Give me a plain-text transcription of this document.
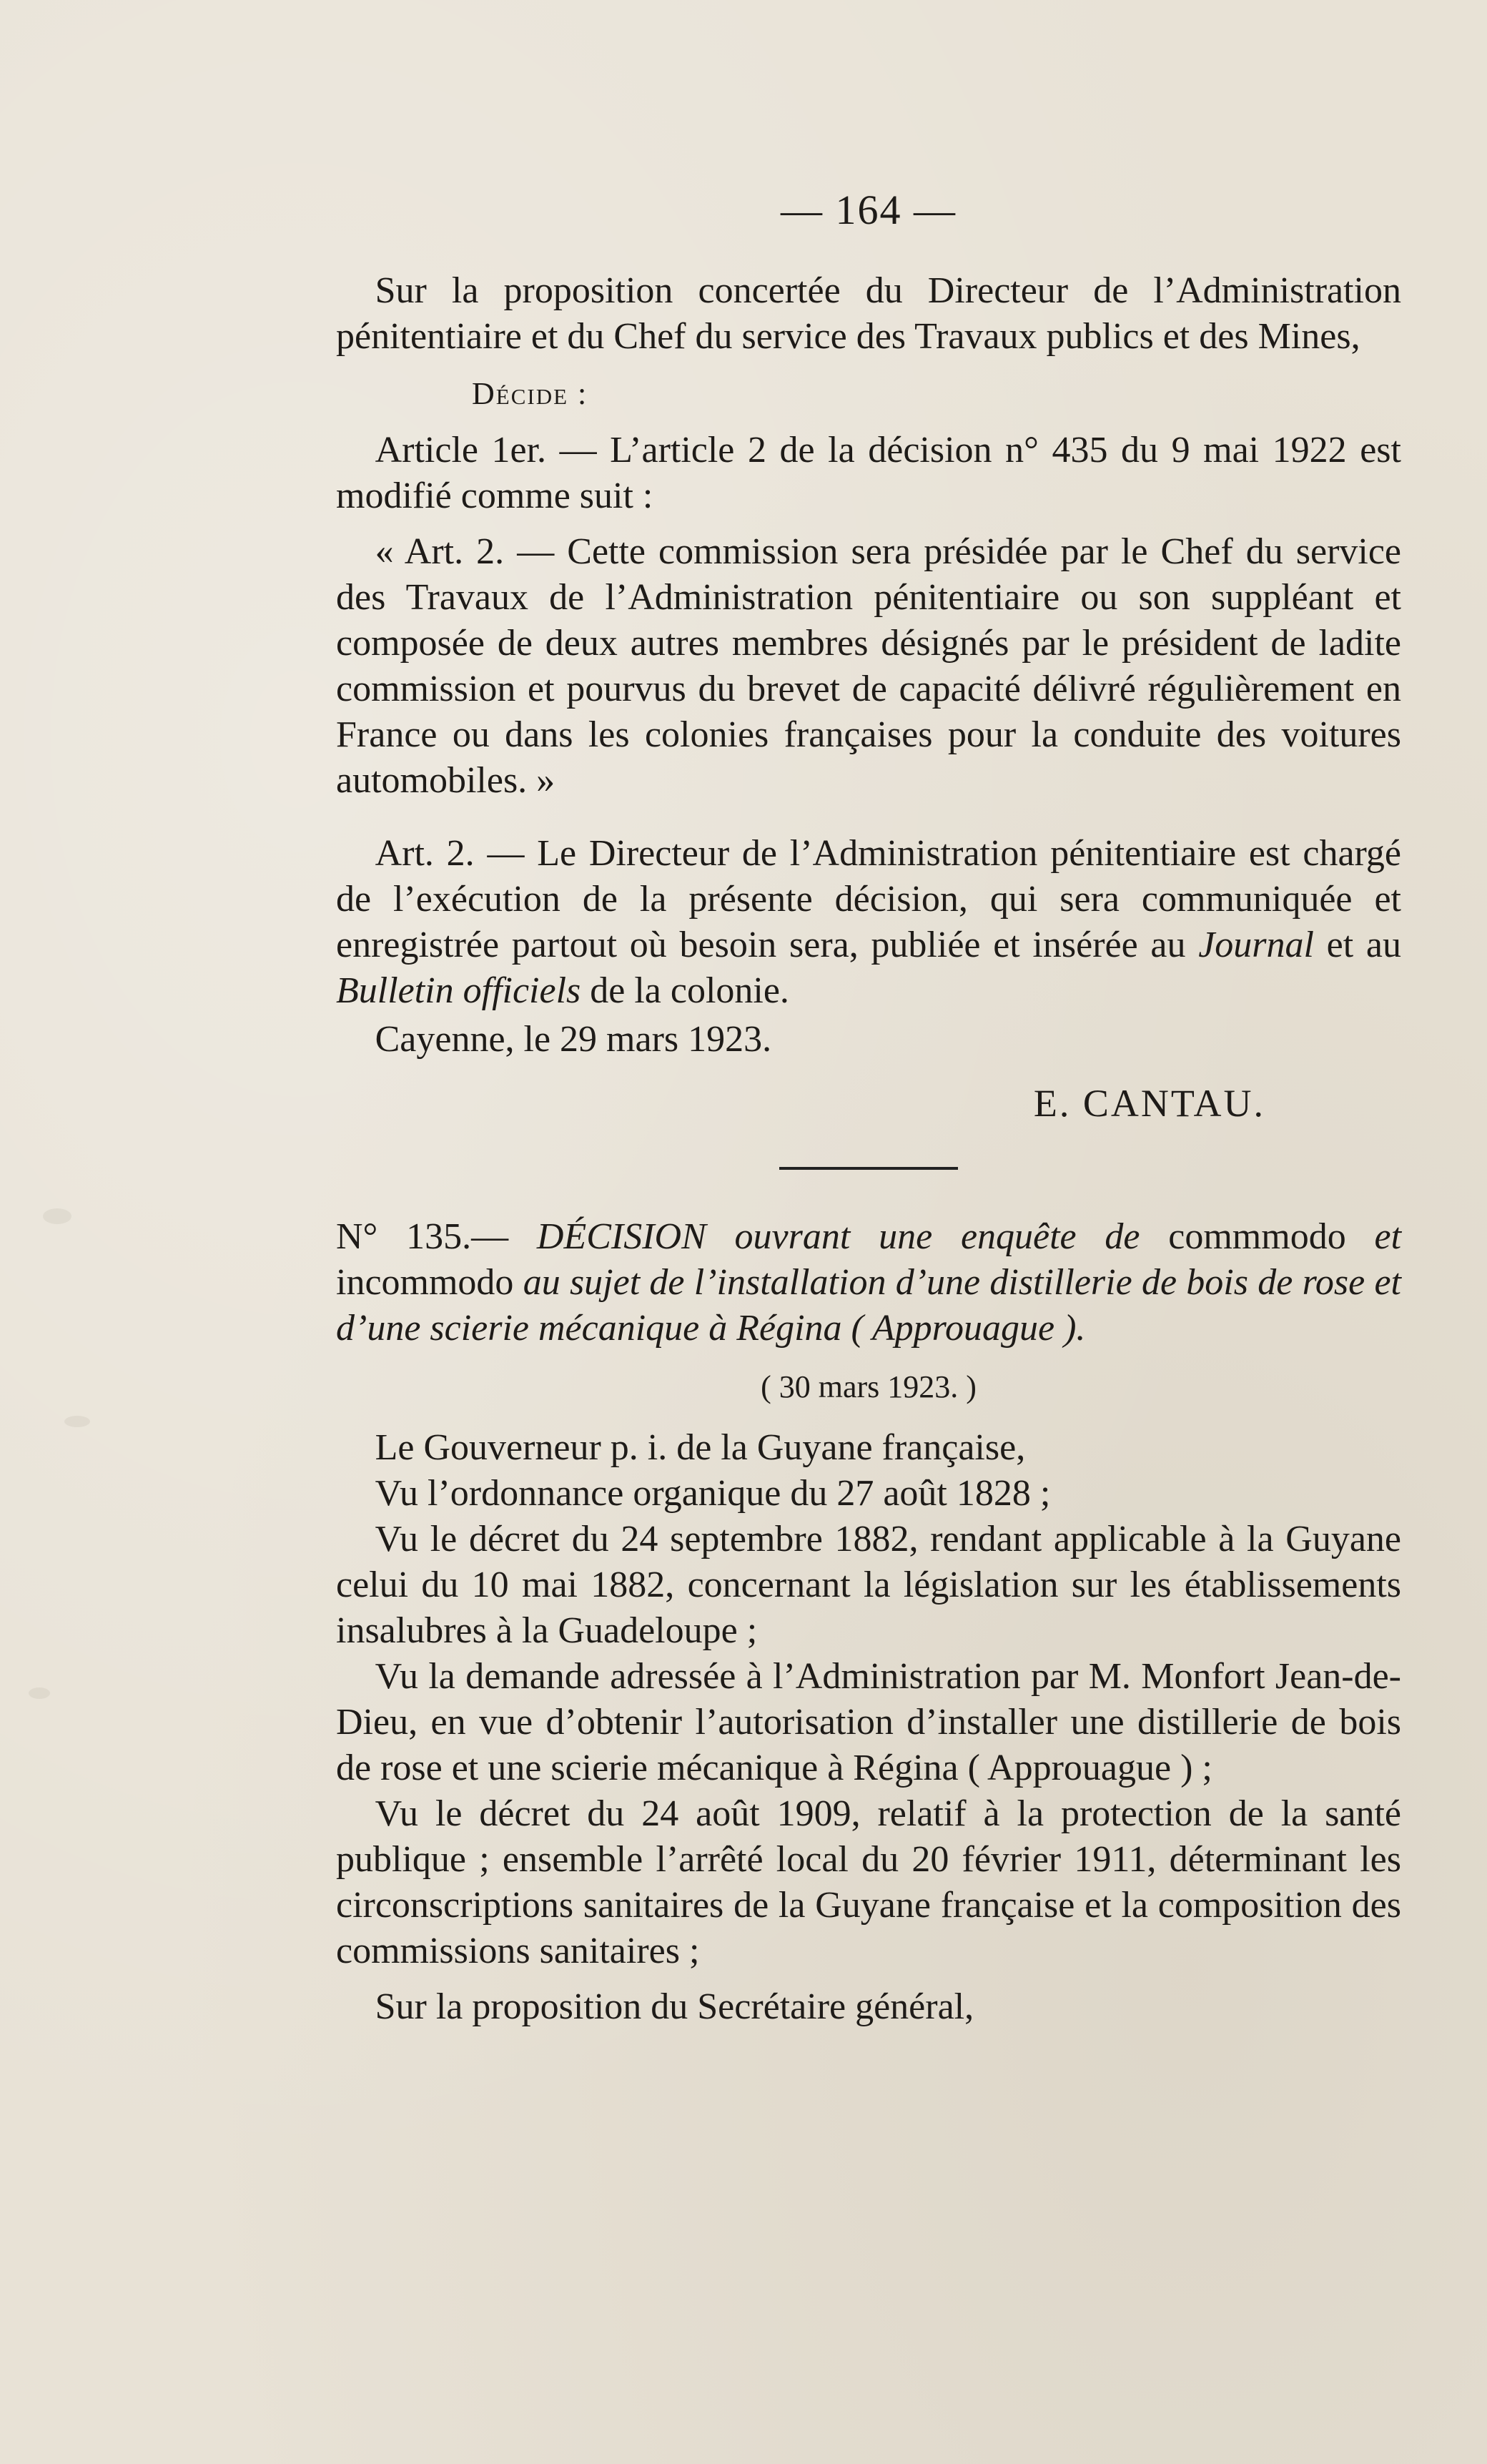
— 164 —

Sur la proposition concertée du Directeur de l’Administration pénitentiaire et du Chef du service des Travaux publics et des Mines,

Décide :

Article 1er. — L’article 2 de la décision n° 435 du 9 mai 1922 est modifié comme suit :

« Art. 2. — Cette commission sera présidée par le Chef du service des Travaux de l’Administration pénitentiaire ou son suppléant et composée de deux autres membres désignés par le président de ladite commission et pourvus du brevet de capacité délivré régulièrement en France ou dans les colonies françaises pour la conduite des voitures automobiles. »

Art. 2. — Le Directeur de l’Administration pénitentiaire est chargé de l’exécution de la présente décision, qui sera communiquée et enregistrée partout où besoin sera, publiée et insérée au Journal et au Bulletin officiels de la colonie.

Cayenne, le 29 mars 1923.

E. CANTAU.

N° 135.— DÉCISION ouvrant une enquête de commmodo et incommodo au sujet de l’installation d’une distillerie de bois de rose et d’une scierie mécanique à Régina ( Approuague ).

( 30 mars 1923. )

Le Gouverneur p. i. de la Guyane française,

Vu l’ordonnance organique du 27 août 1828 ;

Vu le décret du 24 septembre 1882, rendant applicable à la Guyane celui du 10 mai 1882, concernant la législation sur les établissements insalubres à la Guadeloupe ;

Vu la demande adressée à l’Administration par M. Monfort Jean-de-Dieu, en vue d’obtenir l’autorisation d’installer une distillerie de bois de rose et une scierie mécanique à Régina ( Approuague ) ;

Vu le décret du 24 août 1909, relatif à la protection de la santé publique ; ensemble l’arrêté local du 20 février 1911, déterminant les circonscriptions sanitaires de la Guyane française et la composition des commissions sanitaires ;

Sur la proposition du Secrétaire général,
